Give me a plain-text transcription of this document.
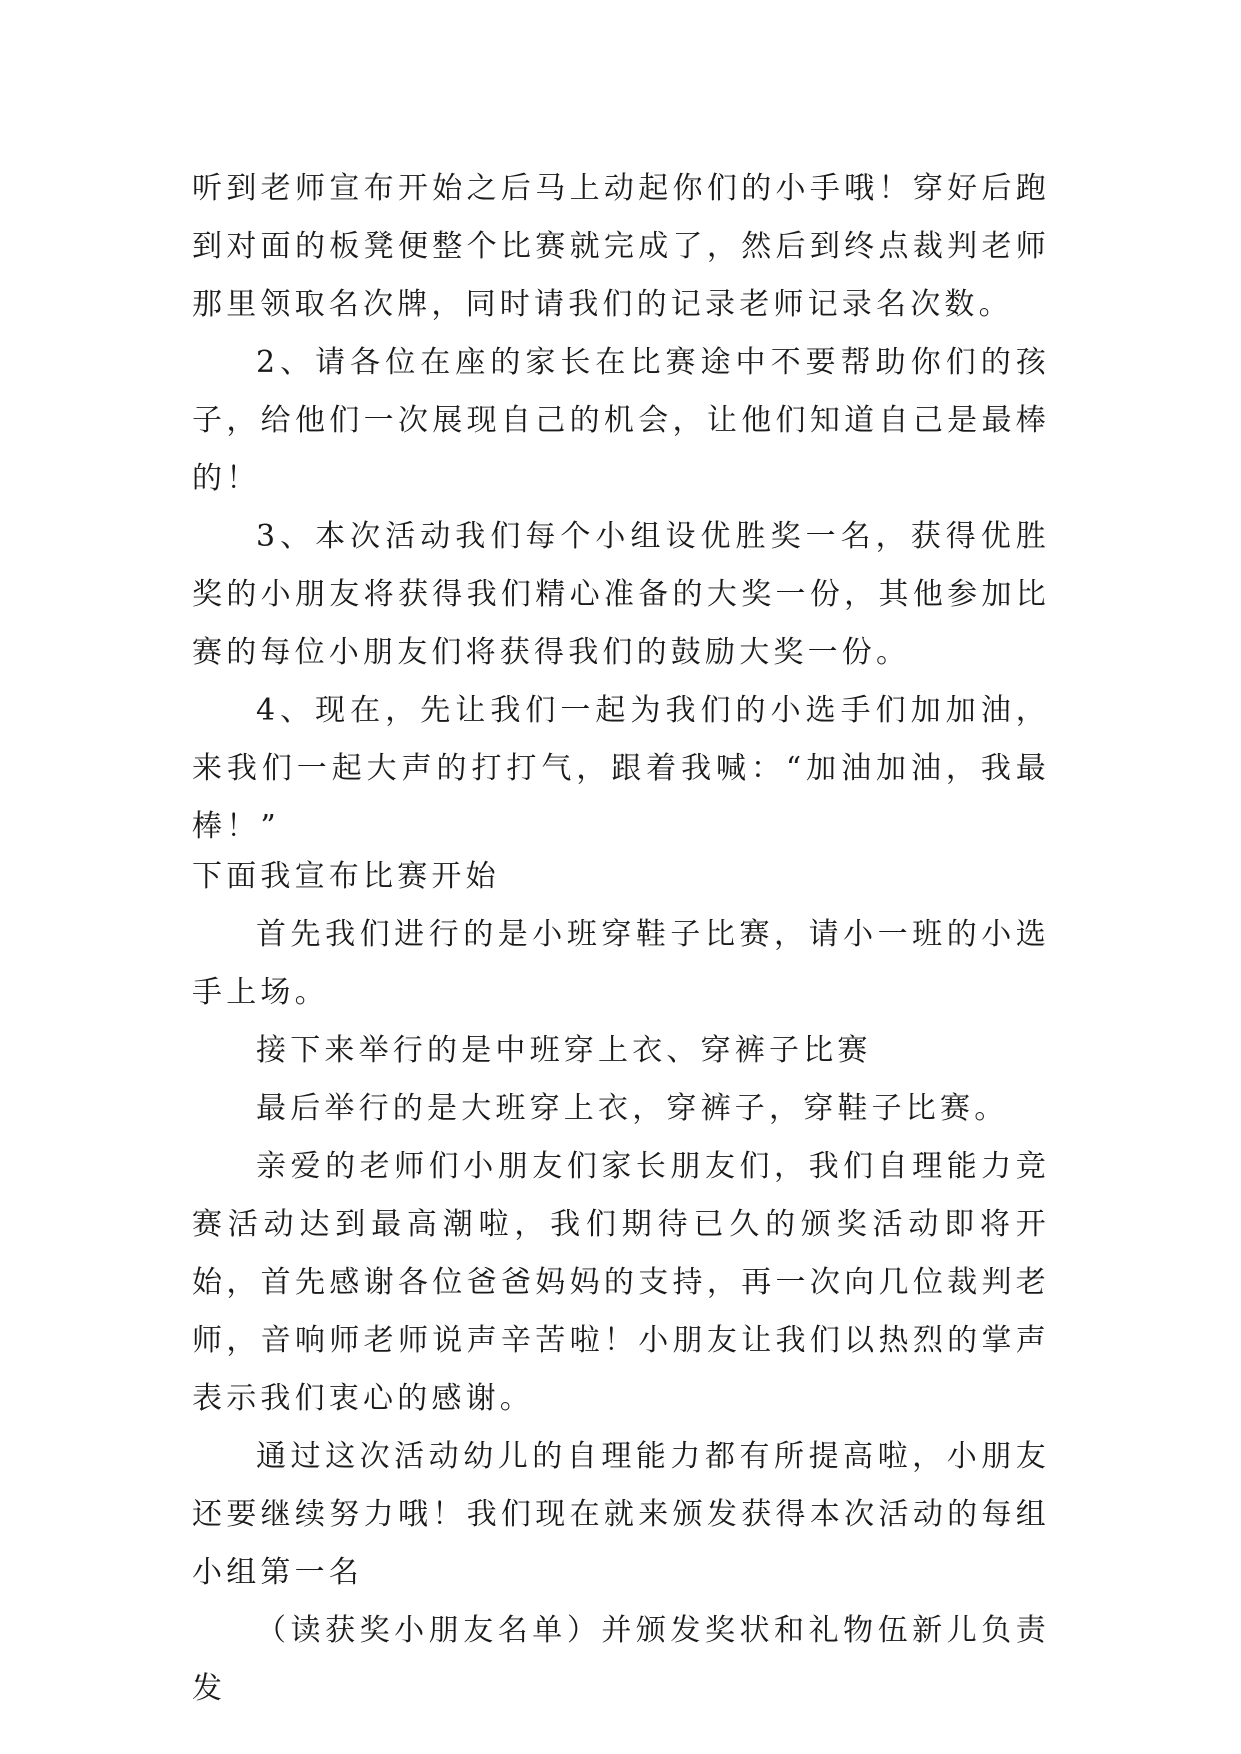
听到老师宣布开始之后马上动起你们的小手哦！穿好后跑到对面的板凳便整个比赛就完成了，然后到终点裁判老师那里领取名次牌，同时请我们的记录老师记录名次数。

2、请各位在座的家长在比赛途中不要帮助你们的孩子，给他们一次展现自己的机会，让他们知道自己是最棒的！

3、本次活动我们每个小组设优胜奖一名，获得优胜奖的小朋友将获得我们精心准备的大奖一份，其他参加比赛的每位小朋友们将获得我们的鼓励大奖一份。

4、现在，先让我们一起为我们的小选手们加加油，来我们一起大声的打打气，跟着我喊：“加油加油，我最棒！”

下面我宣布比赛开始

首先我们进行的是小班穿鞋子比赛，请小一班的小选手上场。

接下来举行的是中班穿上衣、穿裤子比赛

最后举行的是大班穿上衣，穿裤子，穿鞋子比赛。

亲爱的老师们小朋友们家长朋友们，我们自理能力竞赛活动达到最高潮啦，我们期待已久的颁奖活动即将开始，首先感谢各位爸爸妈妈的支持，再一次向几位裁判老师，音响师老师说声辛苦啦！小朋友让我们以热烈的掌声表示我们衷心的感谢。

通过这次活动幼儿的自理能力都有所提高啦，小朋友还要继续努力哦！我们现在就来颁发获得本次活动的每组小组第一名

（读获奖小朋友名单）并颁发奖状和礼物伍新儿负责发
